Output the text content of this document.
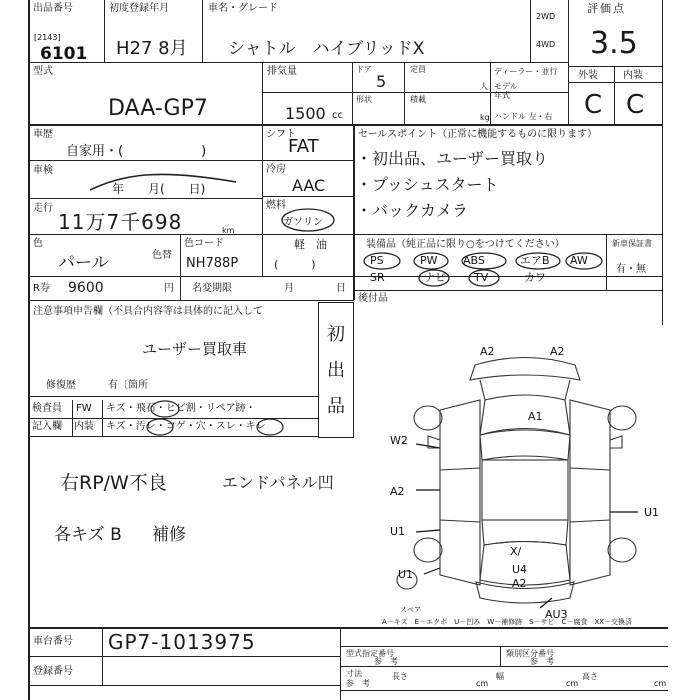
出品番号
[2143]
6101
初度登録年月
H27 8月
車名・グレード
シャトル　ハイブリッドX
2WD
4WD
評価点
3.5
外装	内装
C C
型式
DAA-GP7
排気量
1500 cc
ドア
5
定員
人
形状	積載
kg
ディーラー・並行
モデル年式
ハンドル 左・右
車歴
自家用・(　　　　　　)
シフト
FAT
冷房
AAC
車検
年　　月(　　日)
走行
11万7千698	km
燃料
ガソリン
軽　油
(　　　)
色
パール	色替
色コード
NH788P
R券 9600	円 名変期限	月	日
セールスポイント（正常に機能するものに限ります）
・初出品、ユーザー買取り
・プッシュスタート
・バックカメラ
装備品（純正品に限り○をつけてください）
PS	PW ABS	エアB AW
SR	ナビ	TV	カワ
新車保証書
有・無
後付品
注意事項申告欄（不具合内容等は具体的に記入して
ユーザー買取車
修復歴	有〔箇所
初出品
検査員
記入欄
FW キズ・飛石・ヒビ割・リペア跡・
内装 キズ・汚レ・コゲ・穴・スレ・キレ
右RP/W不良	エンドパネル凹
各キズ B 補修
A2	A2
A1
W2
A2
U1
U1
X/
U4
A2
U1
AU3
スペア
A－キズ　E－エクボ　U－凹み　W－補修跡　S－サビ　C－腐食　XX－交換済
車台番号 GP7-1013975
登録番号
型式指定番号
参　考
類別区分番号
参　考
寸法
参　考
長さ
cm
幅
cm
高さ
cm
